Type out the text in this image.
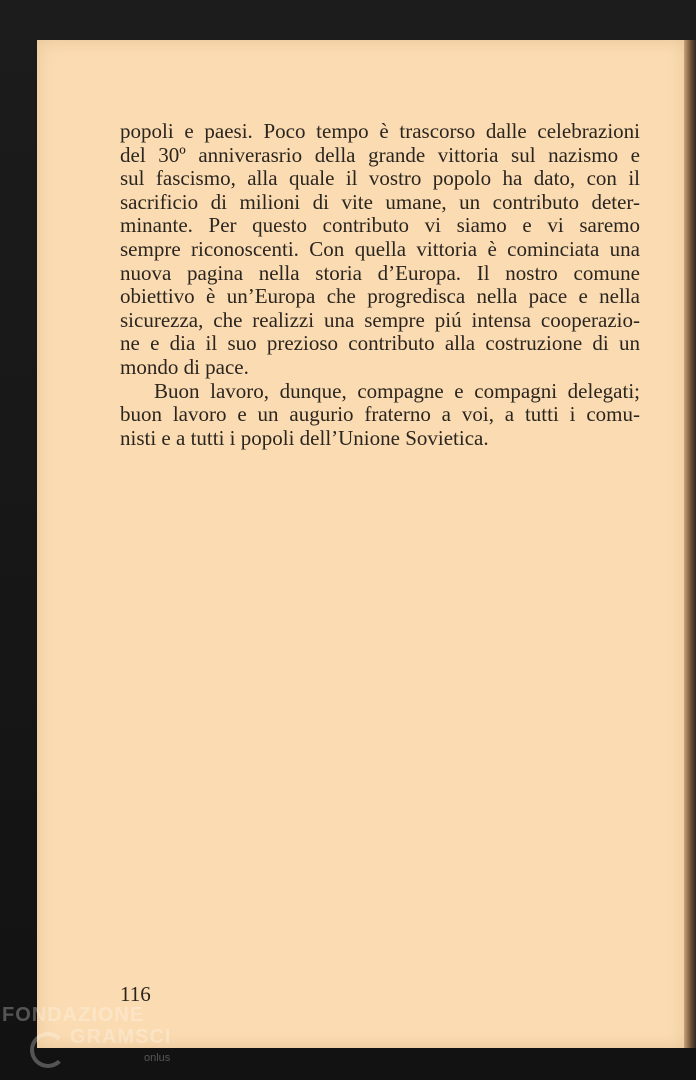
popoli e paesi. Poco tempo è trascorso dalle celebrazioni
del 30º anniverasrio della grande vittoria sul nazismo e
sul fascismo, alla quale il vostro popolo ha dato, con il
sacrificio di milioni di vite umane, un contributo deter-
minante. Per questo contributo vi siamo e vi saremo
sempre riconoscenti. Con quella vittoria è cominciata una
nuova pagina nella storia d’Europa. Il nostro comune
obiettivo è un’Europa che progredisca nella pace e nella
sicurezza, che realizzi una sempre piú intensa cooperazio-
ne e dia il suo prezioso contributo alla costruzione di un
mondo di pace.

Buon lavoro, dunque, compagne e compagni delegati;
buon lavoro e un augurio fraterno a voi, a tutti i comu-
nisti e a tutti i popoli dell’Unione Sovietica.

116
FONDAZIONE
GRAMSCI
onlus
